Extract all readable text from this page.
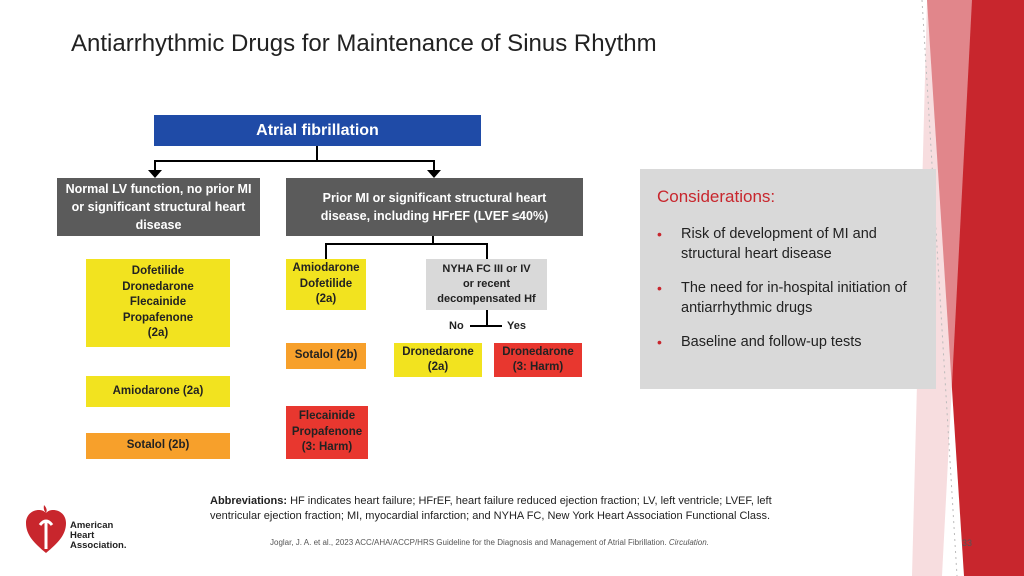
Antiarrhythmic Drugs for Maintenance of Sinus Rhythm
Atrial fibrillation
Normal LV function, no prior MI or significant structural heart disease
Prior MI or significant structural heart disease, including HFrEF (LVEF ≤40%)
Dofetilide
Dronedarone
Flecainide
Propafenone
(2a)
Amiodarone (2a)
Sotalol (2b)
Amiodarone
Dofetilide
(2a)
Sotalol (2b)
Flecainide
Propafenone
(3: Harm)
NYHA FC III or IV
or recent
decompensated Hf
No	Yes
Dronedarone
(2a)
Dronedarone
(3: Harm)
Considerations:
•	Risk of development of MI and structural heart disease
•	The need for in-hospital initiation of antiarrhythmic drugs
•	Baseline and follow-up tests
Abbreviations: HF indicates heart failure; HFrEF, heart failure reduced ejection fraction; LV, left ventricle; LVEF, left ventricular ejection fraction; MI, myocardial infarction; and NYHA FC, New York Heart Association Functional Class.
Joglar, J. A. et al., 2023 ACC/AHA/ACCP/HRS Guideline for the Diagnosis and Management of Atrial Fibrillation. Circulation.	33
American
Heart
Association.
